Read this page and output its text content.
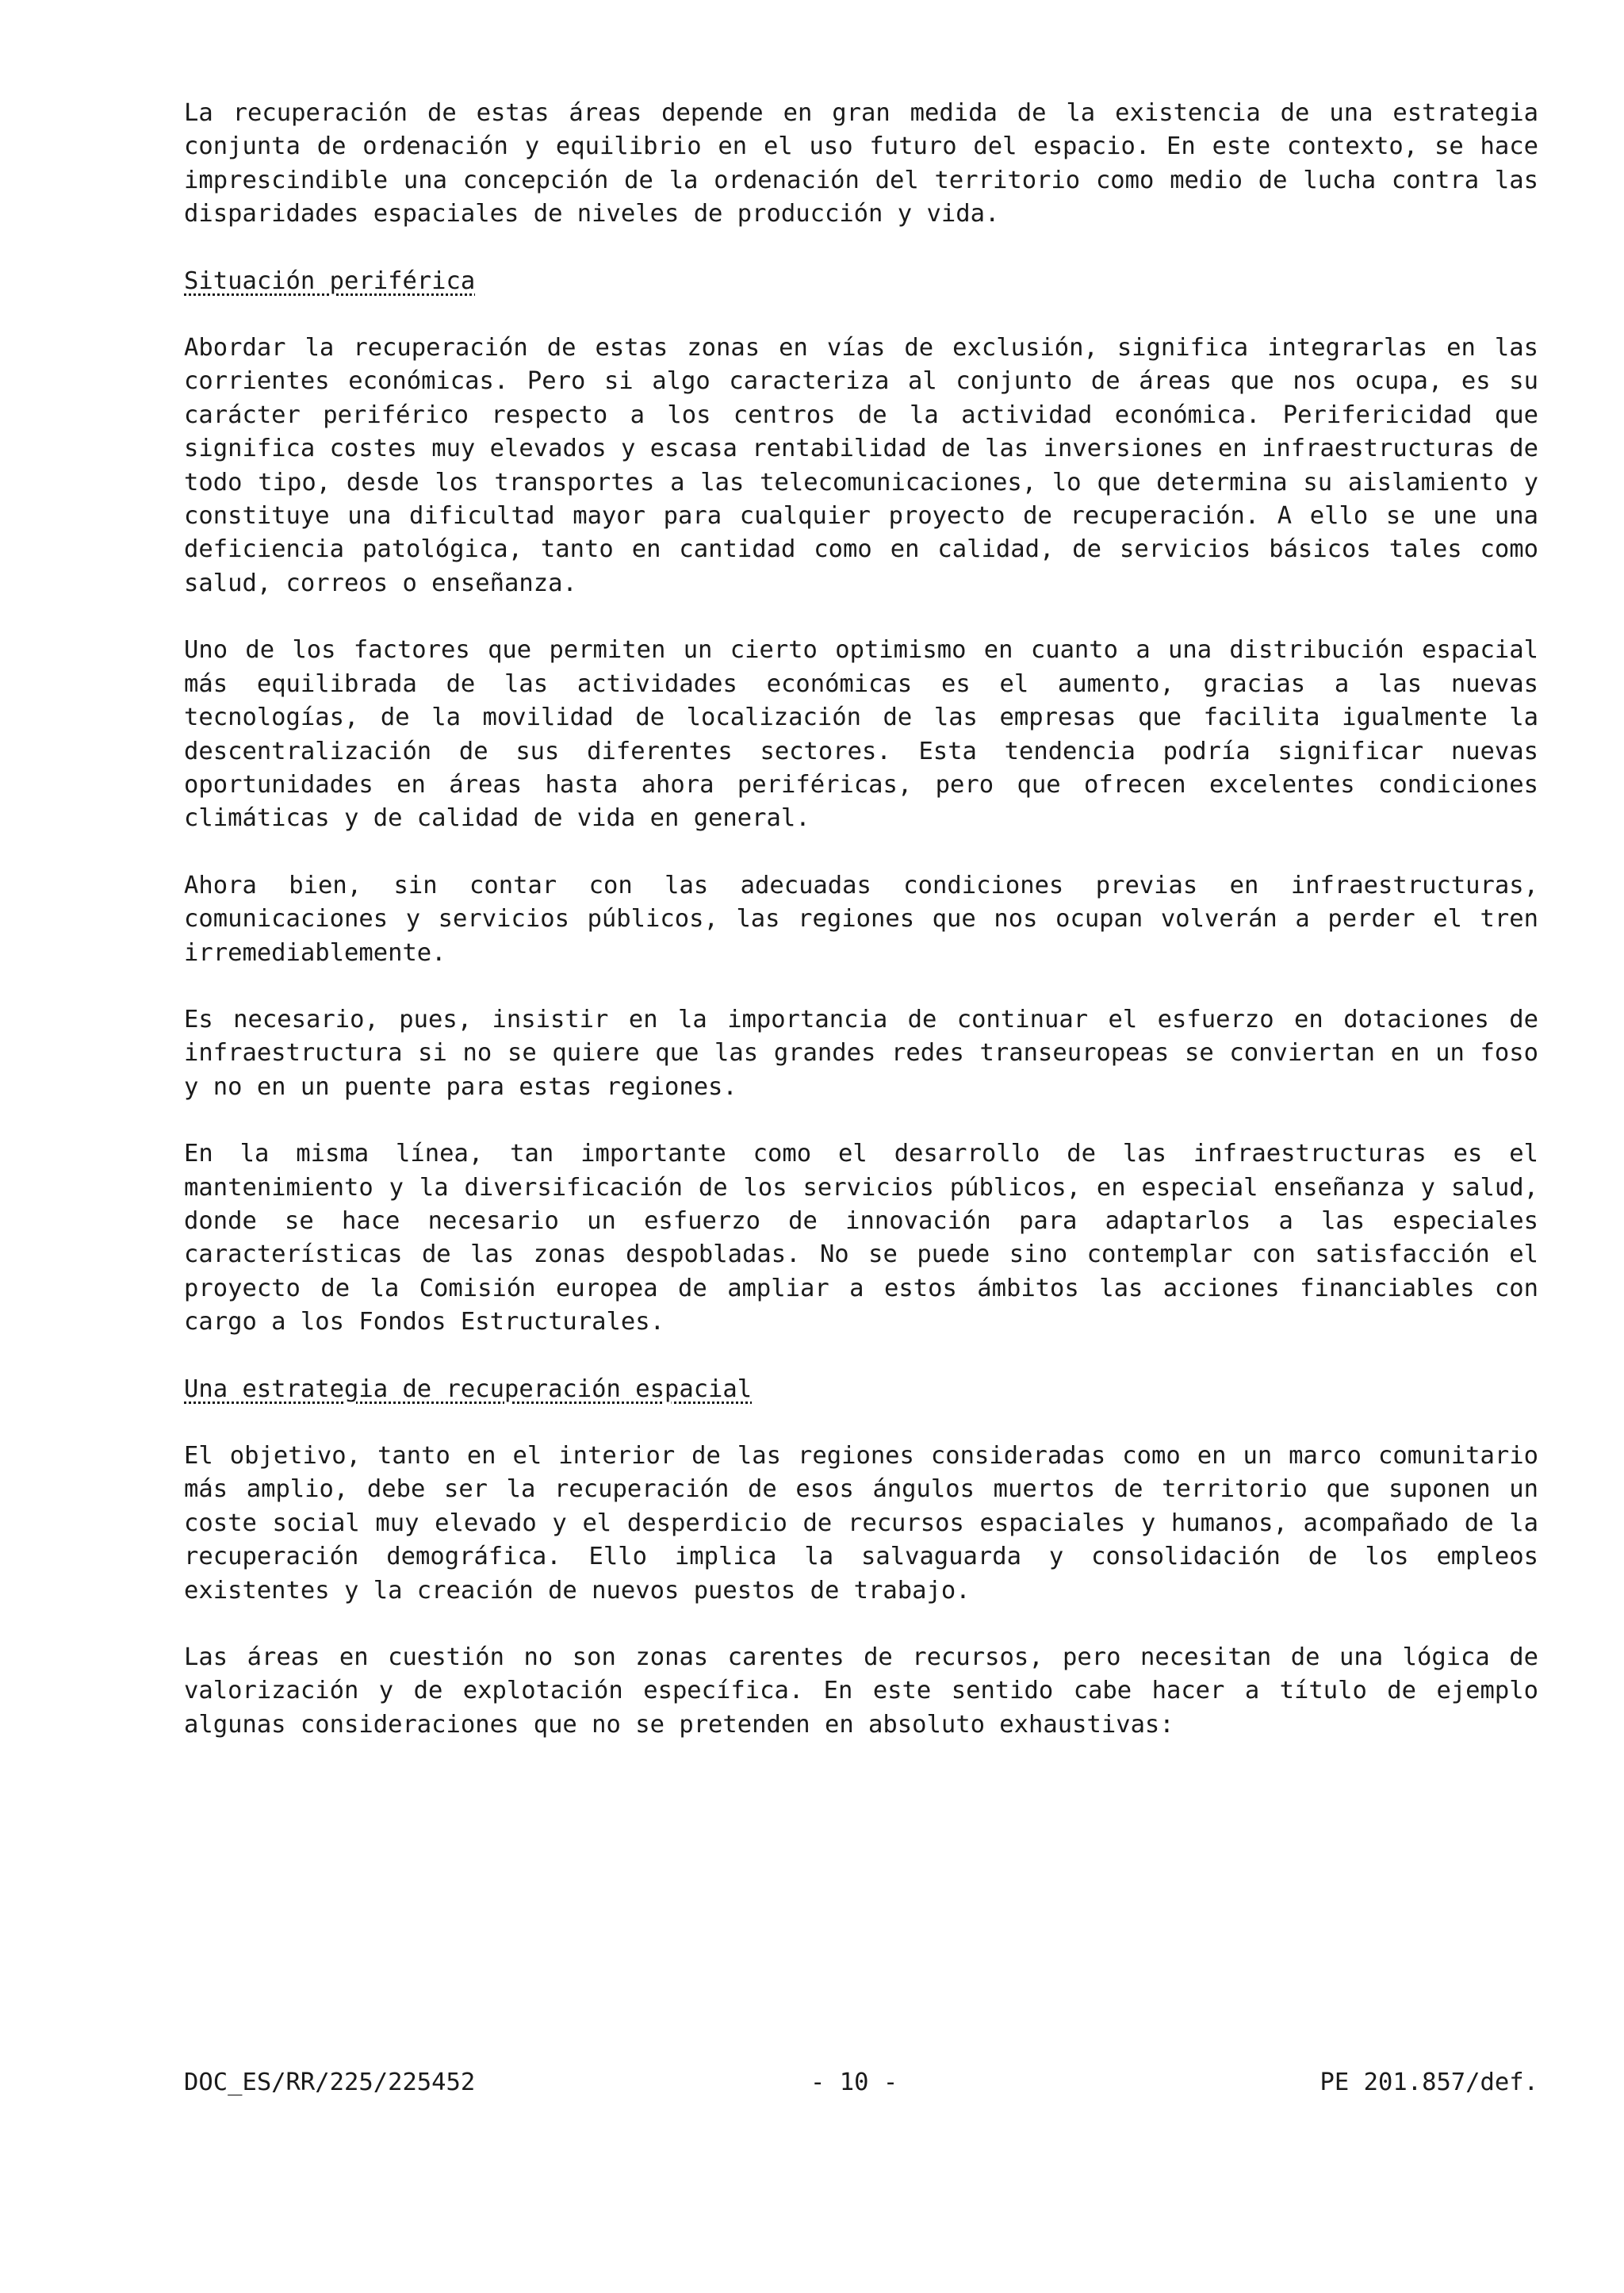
La recuperación de estas áreas depende en gran medida de la existencia de una estrategia conjunta de ordenación y equilibrio en el uso futuro del espacio. En este contexto, se hace imprescindible una concepción de la ordenación del territorio como medio de lucha contra las disparidades espaciales de niveles de producción y vida.

Situación periférica

Abordar la recuperación de estas zonas en vías de exclusión, significa integrarlas en las corrientes económicas. Pero si algo caracteriza al conjunto de áreas que nos ocupa, es su carácter periférico respecto a los centros de la actividad económica. Perifericidad que significa costes muy elevados y escasa rentabilidad de las inversiones en infraestructuras de todo tipo, desde los transportes a las telecomunicaciones, lo que determina su aislamiento y constituye una dificultad mayor para cualquier proyecto de recuperación. A ello se une una deficiencia patológica, tanto en cantidad como en calidad, de servicios básicos tales como salud, correos o enseñanza.

Uno de los factores que permiten un cierto optimismo en cuanto a una distribución espacial más equilibrada de las actividades económicas es el aumento, gracias a las nuevas tecnologías, de la movilidad de localización de las empresas que facilita igualmente la descentralización de sus diferentes sectores. Esta tendencia podría significar nuevas oportunidades en áreas hasta ahora periféricas, pero que ofrecen excelentes condiciones climáticas y de calidad de vida en general.

Ahora bien, sin contar con las adecuadas condiciones previas en infraestructuras, comunicaciones y servicios públicos, las regiones que nos ocupan volverán a perder el tren irremediablemente.

Es necesario, pues, insistir en la importancia de continuar el esfuerzo en dotaciones de infraestructura si no se quiere que las grandes redes transeuropeas se conviertan en un foso y no en un puente para estas regiones.

En la misma línea, tan importante como el desarrollo de las infraestructuras es el mantenimiento y la diversificación de los servicios públicos, en especial enseñanza y salud, donde se hace necesario un esfuerzo de innovación para adaptarlos a las especiales características de las zonas despobladas. No se puede sino contemplar con satisfacción el proyecto de la Comisión europea de ampliar a estos ámbitos las acciones financiables con cargo a los Fondos Estructurales.

Una estrategia de recuperación espacial

El objetivo, tanto en el interior de las regiones consideradas como en un marco comunitario más amplio, debe ser la recuperación de esos ángulos muertos de territorio que suponen un coste social muy elevado y el desperdicio de recursos espaciales y humanos, acompañado de la recuperación demográfica. Ello implica la salvaguarda y consolidación de los empleos existentes y la creación de nuevos puestos de trabajo.

Las áreas en cuestión no son zonas carentes de recursos, pero necesitan de una lógica de valorización y de explotación específica. En este sentido cabe hacer a título de ejemplo algunas consideraciones que no se pretenden en absoluto exhaustivas:

DOC_ES/RR/225/225452	- 10 -	PE 201.857/def.
